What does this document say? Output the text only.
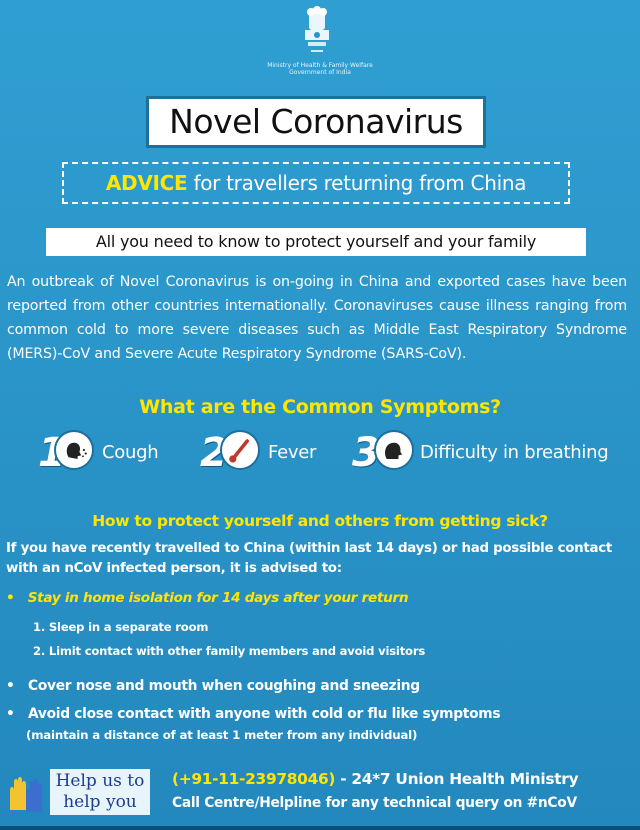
Ministry of Health & Family Welfare
Government of India
Novel Coronavirus
ADVICE for travellers returning from China
All you need to know to protect yourself and your family
An outbreak of Novel Coronavirus is on-going in China and exported cases have been reported from other countries internationally. Coronaviruses cause illness ranging from common cold to more severe diseases such as Middle East Respiratory Syndrome (MERS)-CoV and Severe Acute Respiratory Syndrome (SARS-CoV).
What are the Common Symptoms?
1 Cough 2 Fever 3 Difficulty in breathing
How to protect yourself and others from getting sick?
If you have recently travelled to China (within last 14 days) or had possible contact with an nCoV infected person, it is advised to:
•   Stay in home isolation for 14 days after your return
1. Sleep in a separate room
2. Limit contact with other family members and avoid visitors
•   Cover nose and mouth when coughing and sneezing
•   Avoid close contact with anyone with cold or flu like symptoms
(maintain a distance of at least 1 meter from any individual)
Help us to
help you
(+91-11-23978046) - 24*7 Union Health Ministry
Call Centre/Helpline for any technical query on #nCoV
